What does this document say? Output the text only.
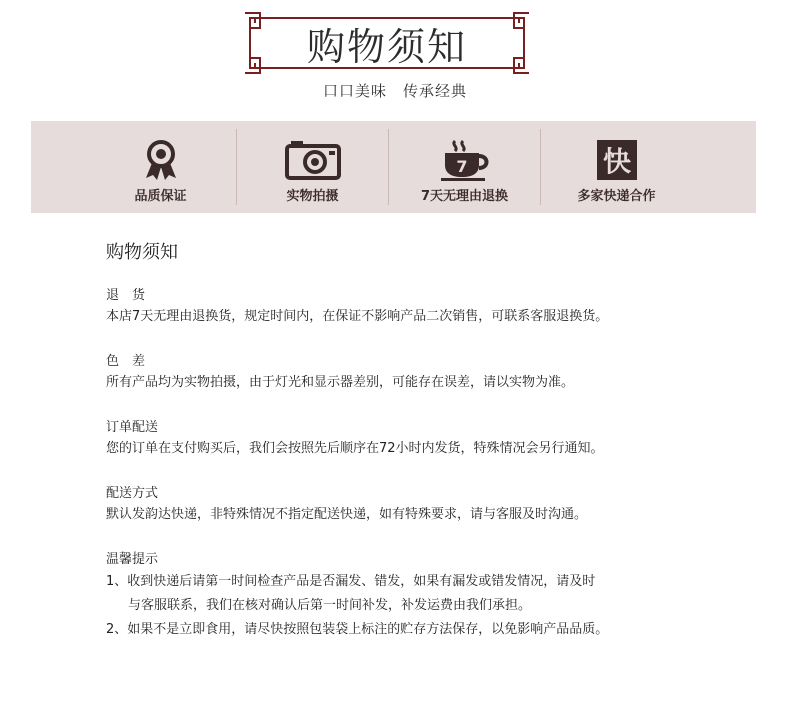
购物须知
口口美味　传承经典
品质保证	实物拍摄
7
7天无理由退换
快
多家快递合作
购物须知
退　货
本店7天无理由退换货，规定时间内，在保证不影响产品二次销售，可联系客服退换货。
色　差
所有产品均为实物拍摄，由于灯光和显示器差别，可能存在误差，请以实物为准。
订单配送
您的订单在支付购买后，我们会按照先后顺序在72小时内发货，特殊情况会另行通知。
配送方式
默认发韵达快递，非特殊情况不指定配送快递，如有特殊要求，请与客服及时沟通。
温馨提示
1、收到快递后请第一时间检查产品是否漏发、错发，如果有漏发或错发情况，请及时
与客服联系，我们在核对确认后第一时间补发，补发运费由我们承担。
2、如果不是立即食用，请尽快按照包装袋上标注的贮存方法保存，以免影响产品品质。
